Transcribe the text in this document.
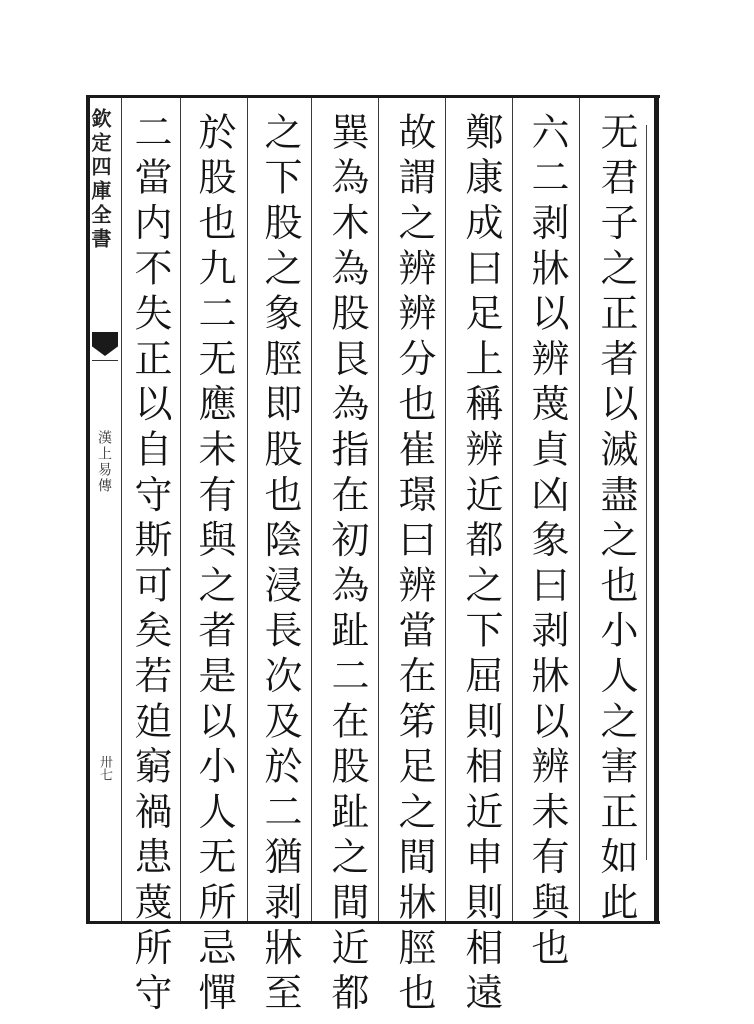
欽定四庫全書
漢上易傳
卅七	无君子之正者以滅盡之也小人之害正如此
六二剥牀以辨蔑貞凶象曰剥牀以辨未有與也
鄭康成曰足上稱辨近都之下屈則相近申則相遠
故謂之辨辨分也崔璟曰辨當在笫足之間牀脛也
巽為木為股艮為指在初為趾二在股趾之間近都
之下股之象脛即股也陰浸長次及於二猶剥牀至
於股也九二无應未有與之者是以小人无所忌憚
二當内不失正以自守斯可矣若廹窮禍患蔑所守
